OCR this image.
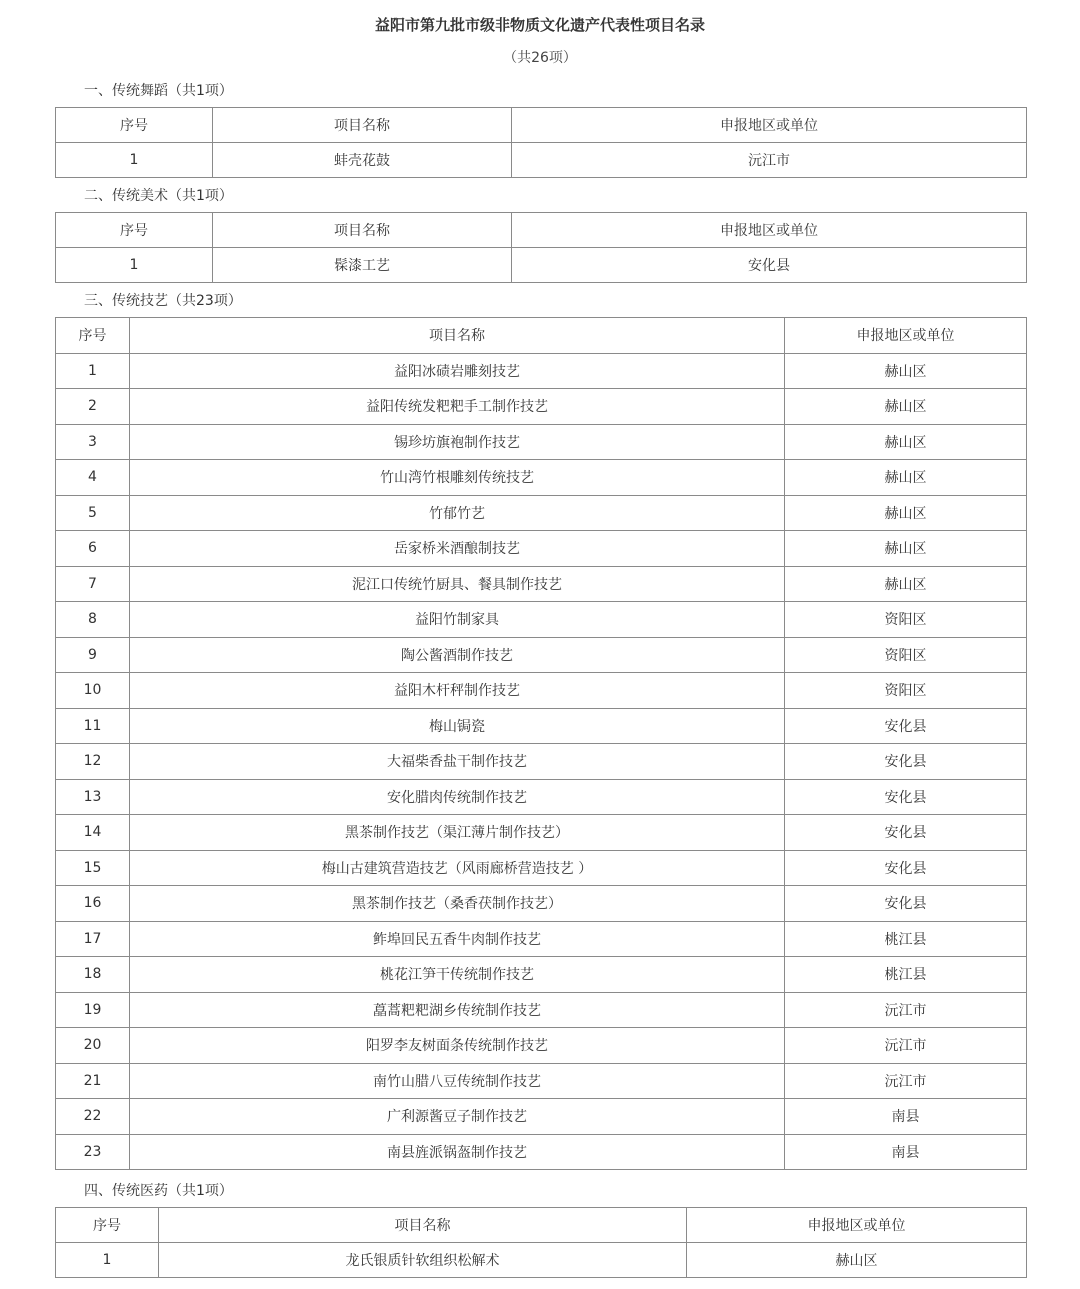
益阳市第九批市级非物质文化遗产代表性项目名录
（共26项）
一、传统舞蹈（共1项）
序号	项目名称	申报地区或单位
1	蚌壳花鼓	沅江市
二、传统美术（共1项）
序号	项目名称	申报地区或单位
1	髹漆工艺	安化县
三、传统技艺（共23项）
序号	项目名称	申报地区或单位
1	益阳冰碛岩雕刻技艺	赫山区
2	益阳传统发粑粑手工制作技艺	赫山区
3	锡珍坊旗袍制作技艺	赫山区
4	竹山湾竹根雕刻传统技艺	赫山区
5	竹郁竹艺	赫山区
6	岳家桥米酒酿制技艺	赫山区
7	泥江口传统竹厨具、餐具制作技艺	赫山区
8	益阳竹制家具	资阳区
9	陶公酱酒制作技艺	资阳区
10	益阳木杆秤制作技艺	资阳区
11	梅山锔瓷	安化县
12	大福柴香盐干制作技艺	安化县
13	安化腊肉传统制作技艺	安化县
14	黑茶制作技艺（渠江薄片制作技艺）	安化县
15	梅山古建筑营造技艺（风雨廊桥营造技艺 ）	安化县
16	黑茶制作技艺（桑香茯制作技艺）	安化县
17	鲊埠回民五香牛肉制作技艺	桃江县
18	桃花江笋干传统制作技艺	桃江县
19	藠蒿粑粑湖乡传统制作技艺	沅江市
20	阳罗李友树面条传统制作技艺	沅江市
21	南竹山腊八豆传统制作技艺	沅江市
22	广利源酱豆子制作技艺	南县
23	南县旌派锅盔制作技艺	南县
四、传统医药（共1项）
序号	项目名称	申报地区或单位
1	龙氏银质针软组织松解术	赫山区
